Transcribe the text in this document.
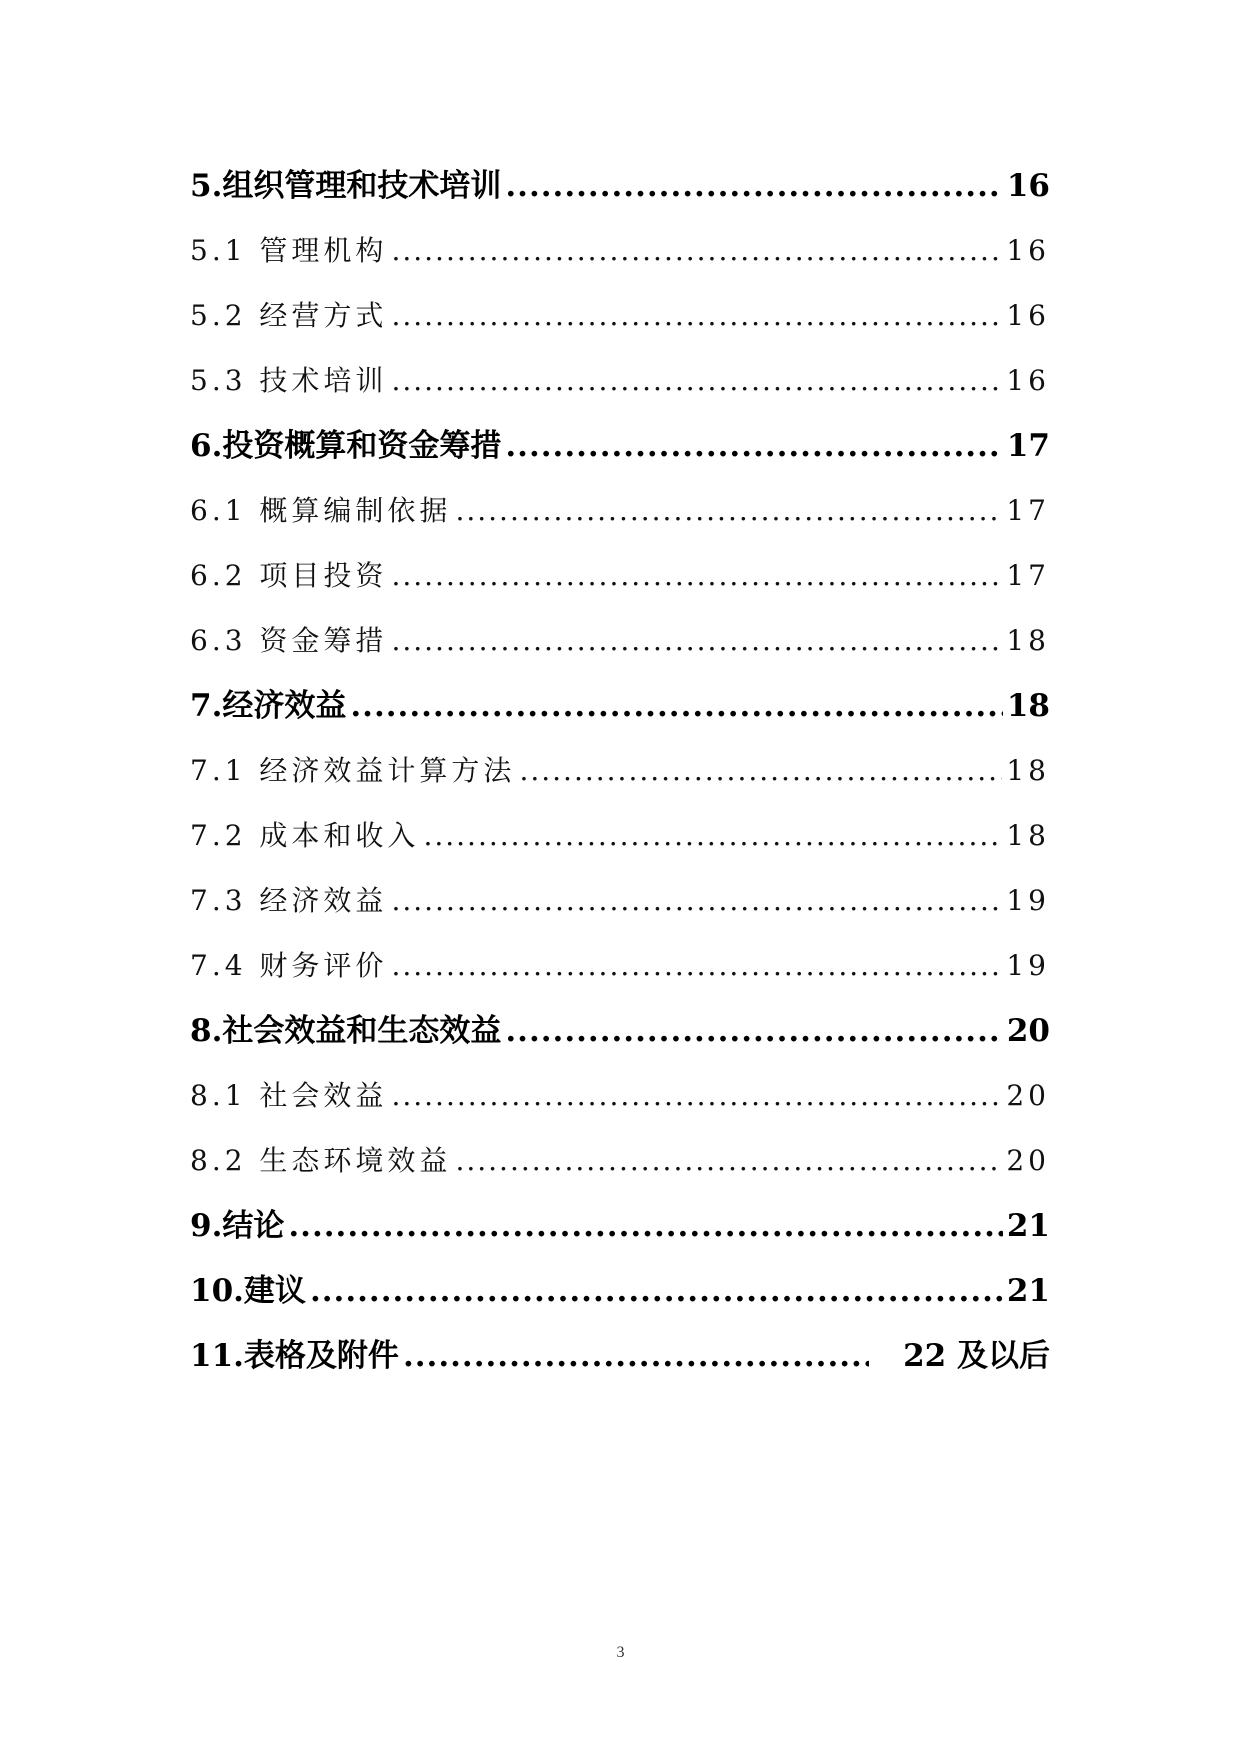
5.组织管理和技术培训 .....	16
5.1 管理机构 .....	16
5.2 经营方式 .....	16
5.3 技术培训 .....	16
6.投资概算和资金筹措 .....	17
6.1 概算编制依据 .....	17
6.2 项目投资 .....	17
6.3 资金筹措 .....	18
7.经济效益 .....	18
7.1 经济效益计算方法 .....	18
7.2 成本和收入 .....	18
7.3 经济效益 .....	19
7.4 财务评价 .....	19
8.社会效益和生态效益 .....	20
8.1 社会效益 .....	20
8.2 生态环境效益 .....	20
9.结论 .....	21
10.建议 .....	21
11.表格及附件 .....	22 及以后
3
